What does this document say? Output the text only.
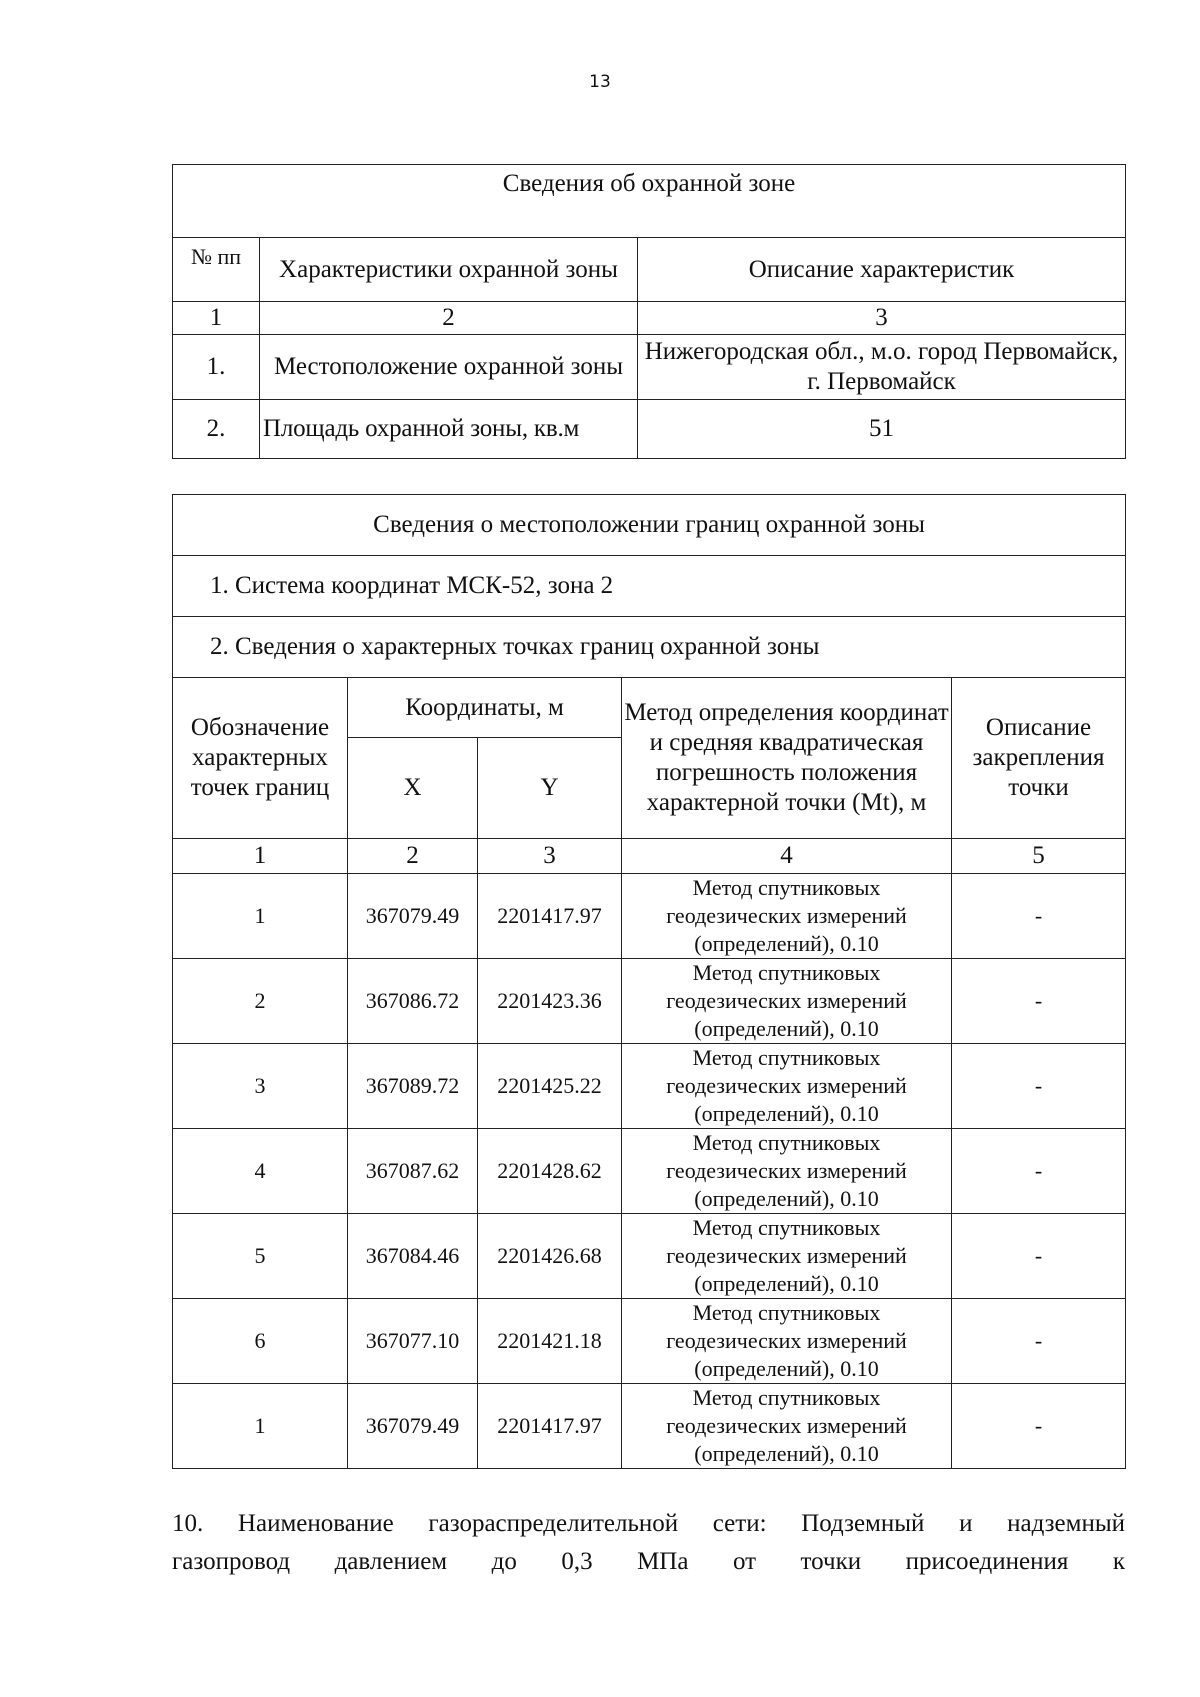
13
Сведения об охранной зоне		
№ пп	Характеристики охранной зоны	Описание характеристик
1	2	3
1.	Местоположение охранной зоны	Нижегородская обл., м.о. город Первомайск, г. Первомайск
2.	Площадь охранной зоны, кв.м	51
Сведения о местоположении границ охранной зоны				
1. Система координат МСК-52, зона 2				
2. Сведения о характерных точках границ охранной зоны				
Обозначение характерных точек границ	Координаты, м		Метод определения координат и средняя квадратическая погрешность положения характерной точки (Mt), м	Описание закрепления точки
	X	Y		
1	2	3	4	5
1	367079.49	2201417.97	Метод спутниковых геодезических измерений (определений), 0.10	-
2	367086.72	2201423.36	Метод спутниковых геодезических измерений (определений), 0.10	-
3	367089.72	2201425.22	Метод спутниковых геодезических измерений (определений), 0.10	-
4	367087.62	2201428.62	Метод спутниковых геодезических измерений (определений), 0.10	-
5	367084.46	2201426.68	Метод спутниковых геодезических измерений (определений), 0.10	-
6	367077.10	2201421.18	Метод спутниковых геодезических измерений (определений), 0.10	-
1	367079.49	2201417.97	Метод спутниковых геодезических измерений (определений), 0.10	-
10. Наименование газораспределительной сети: Подземный и надземный
газопровод давлением до 0,3 МПа от точки присоединения к
